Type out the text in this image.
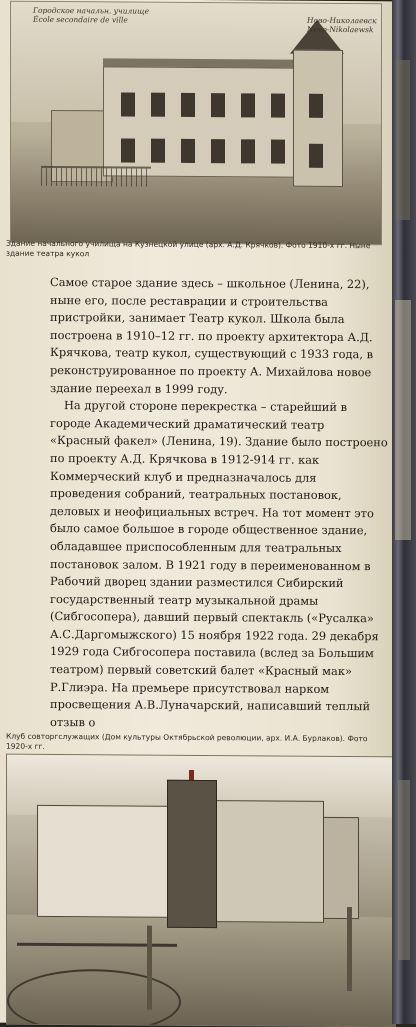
Городское начальн. училище
École secondaire de ville	Ново-Николаевск
Novo-Nikolaewsk
Здание начального училища на Кузнецкой улице (арх. А.Д. Крячков). Фото 1910-х гг. Ныне здание театра кукол

Самое старое здание здесь – школьное (Ленина, 22), ныне его, после реставрации и строительства пристройки, занимает Театр кукол. Школа была построена в 1910–12 гг. по проекту архитектора А.Д. Крячкова, театр кукол, существующий с 1933 года, в реконструированное по проекту А. Михайлова новое здание переехал в 1999 году.

На другой стороне перекрестка – старейший в городе Академический драматический театр «Красный факел» (Ленина, 19). Здание было построено по проекту А.Д. Крячкова в 1912-914 гг. как Коммерческий клуб и предназначалось для проведения собраний, театральных постановок, деловых и неофициальных встреч. На тот момент это было самое большое в городе общественное здание, обладавшее приспособленным для театральных постановок залом. В 1921 году в переименованном в Рабочий дворец здании разместился Сибирский государственный театр музыкальной драмы (Сибгосопера), давший первый спектакль («Русалка» А.С.Даргомыжского) 15 ноября 1922 года. 29 декабря 1929 года Сибгосопера поставила (вслед за Большим театром) первый советский балет «Красный мак» Р.Глиэра. На премьере присутствовал нарком просвещения А.В.Луначарский, написавший теплый отзыв о

Клуб совторгслужащих (Дом культуры Октябрьской революции, арх. И.А. Бурлаков). Фото 1920-х гг.
